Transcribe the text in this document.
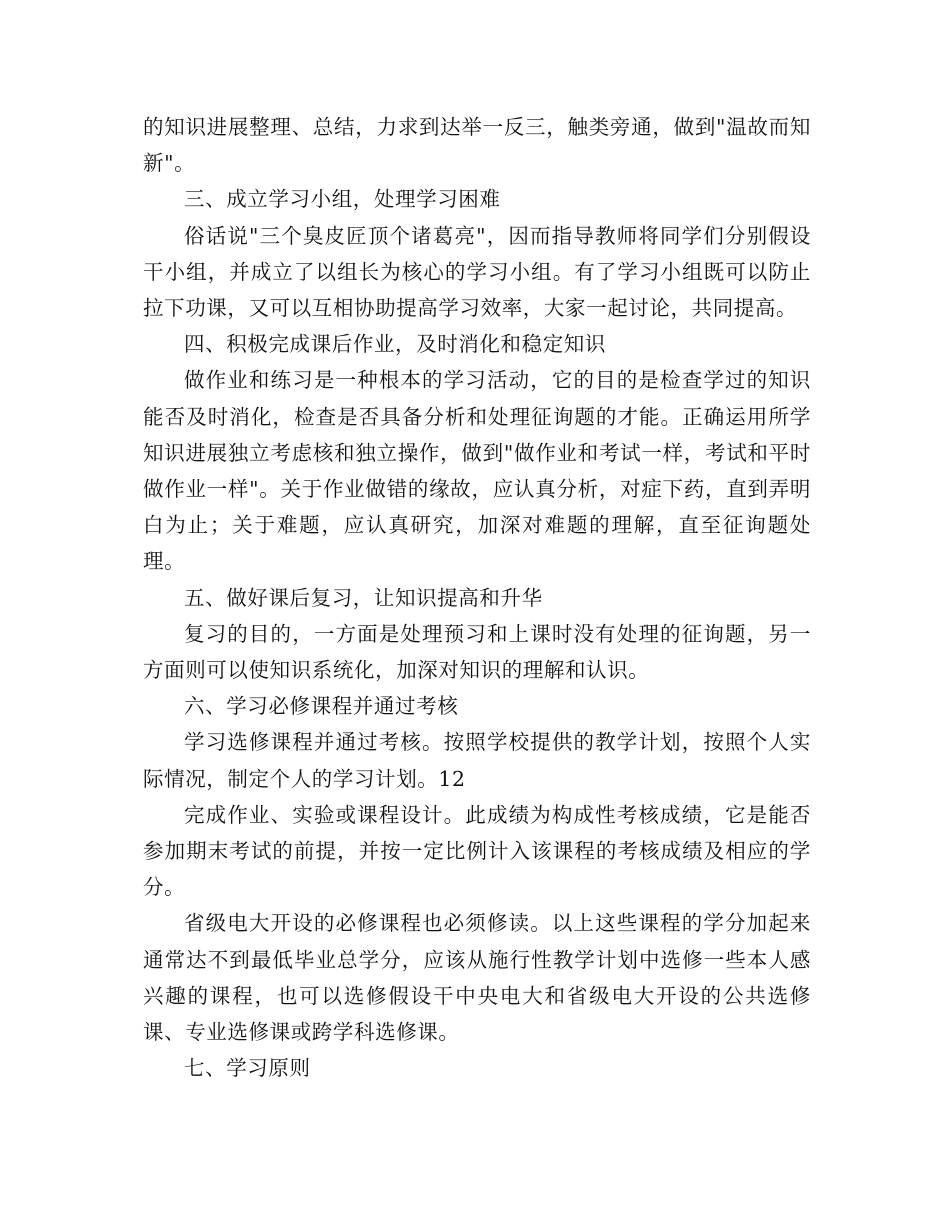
的知识进展整理、总结，力求到达举一反三，触类旁通，做到"温故而知新"。

三、成立学习小组，处理学习困难

俗话说"三个臭皮匠顶个诸葛亮"，因而指导教师将同学们分别假设干小组，并成立了以组长为核心的学习小组。有了学习小组既可以防止拉下功课，又可以互相协助提高学习效率，大家一起讨论，共同提高。

四、积极完成课后作业，及时消化和稳定知识

做作业和练习是一种根本的学习活动，它的目的是检查学过的知识能否及时消化，检查是否具备分析和处理征询题的才能。正确运用所学知识进展独立考虑核和独立操作，做到"做作业和考试一样，考试和平时做作业一样"。关于作业做错的缘故，应认真分析，对症下药，直到弄明白为止；关于难题，应认真研究，加深对难题的理解，直至征询题处理。

五、做好课后复习，让知识提高和升华

复习的目的，一方面是处理预习和上课时没有处理的征询题，另一方面则可以使知识系统化，加深对知识的理解和认识。

六、学习必修课程并通过考核

学习选修课程并通过考核。按照学校提供的教学计划，按照个人实际情况，制定个人的学习计划。12

完成作业、实验或课程设计。此成绩为构成性考核成绩，它是能否参加期末考试的前提，并按一定比例计入该课程的考核成绩及相应的学分。

省级电大开设的必修课程也必须修读。以上这些课程的学分加起来通常达不到最低毕业总学分，应该从施行性教学计划中选修一些本人感兴趣的课程，也可以选修假设干中央电大和省级电大开设的公共选修课、专业选修课或跨学科选修课。

七、学习原则
